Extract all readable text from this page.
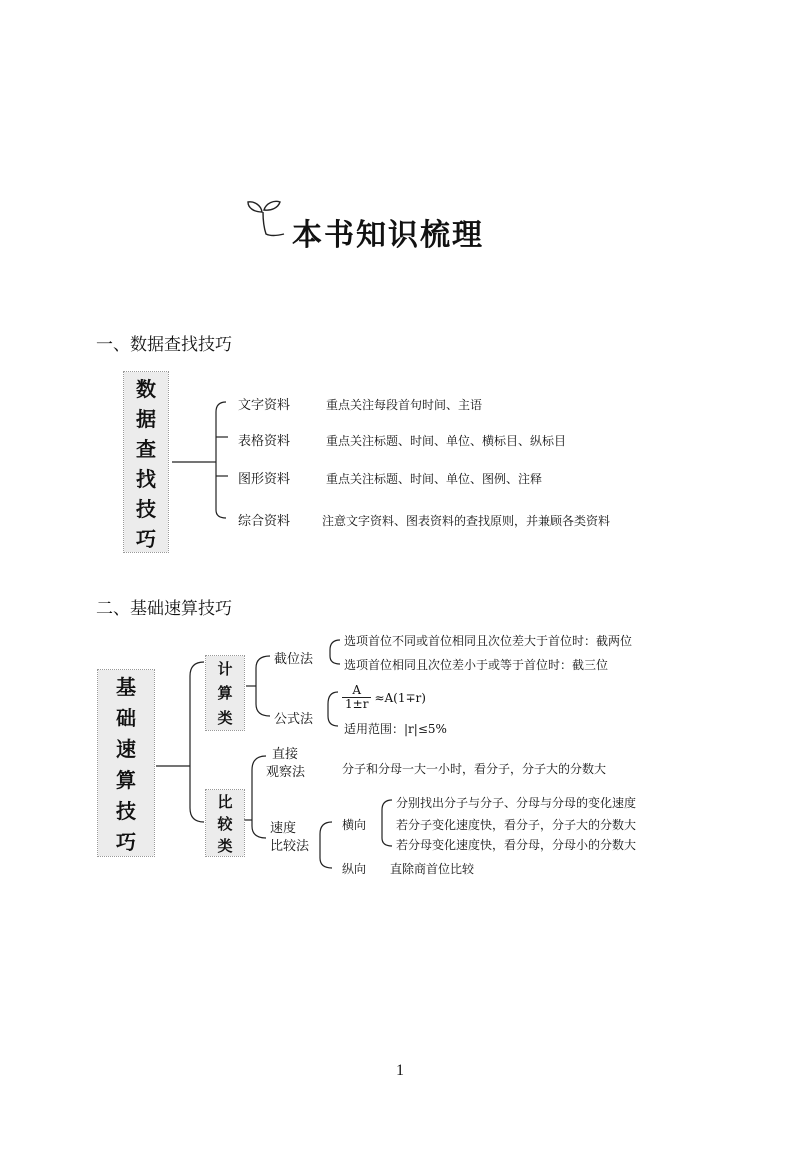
本书知识梳理
一、数据查找技巧
数
据
查
找
技
巧
文字资料	重点关注每段首句时间、主语
表格资料	重点关注标题、时间、单位、横标目、纵标目
图形资料	重点关注标题、时间、单位、图例、注释
综合资料	注意文字资料、图表资料的查找原则，并兼顾各类资料
二、基础速算技巧
基
础
速
算
技
巧
计
算
类
截位法
选项首位不同或首位相同且次位差大于首位时：截两位
选项首位相同且次位差小于或等于首位时：截三位
公式法
$\frac{A}{1\pm r} \approx A(1\mp r)$
适用范围：|r|≤5%
比
较
类
直接
观察法	分子和分母一大一小时，看分子，分子大的分数大
速度
比较法
横向
分别找出分子与分子、分母与分母的变化速度
若分子变化速度快，看分子，分子大的分数大
若分母变化速度快，看分母，分母小的分数大
纵向 直除商首位比较
1
